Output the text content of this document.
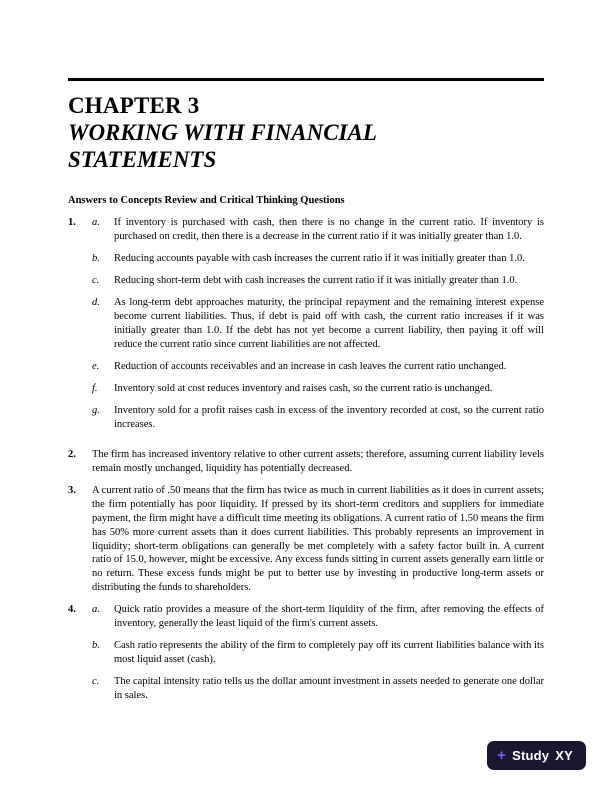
CHAPTER 3
WORKING WITH FINANCIAL STATEMENTS
Answers to Concepts Review and Critical Thinking Questions
1.	a.	If inventory is purchased with cash, then there is no change in the current ratio. If inventory is purchased on credit, then there is a decrease in the current ratio if it was initially greater than 1.0.
b.	Reducing accounts payable with cash increases the current ratio if it was initially greater than 1.0.
c.	Reducing short-term debt with cash increases the current ratio if it was initially greater than 1.0.
d.	As long-term debt approaches maturity, the principal repayment and the remaining interest expense become current liabilities. Thus, if debt is paid off with cash, the current ratio increases if it was initially greater than 1.0. If the debt has not yet become a current liability, then paying it off will reduce the current ratio since current liabilities are not affected.
e.	Reduction of accounts receivables and an increase in cash leaves the current ratio unchanged.
f.	Inventory sold at cost reduces inventory and raises cash, so the current ratio is unchanged.
g.	Inventory sold for a profit raises cash in excess of the inventory recorded at cost, so the current ratio increases.
2.	The firm has increased inventory relative to other current assets; therefore, assuming current liability levels remain mostly unchanged, liquidity has potentially decreased.
3.	A current ratio of .50 means that the firm has twice as much in current liabilities as it does in current assets; the firm potentially has poor liquidity. If pressed by its short-term creditors and suppliers for immediate payment, the firm might have a difficult time meeting its obligations. A current ratio of 1.50 means the firm has 50% more current assets than it does current liabilities. This probably represents an improvement in liquidity; short-term obligations can generally be met completely with a safety factor built in. A current ratio of 15.0, however, might be excessive. Any excess funds sitting in current assets generally earn little or no return. These excess funds might be put to better use by investing in productive long-term assets or distributing the funds to shareholders.
4.	a.	Quick ratio provides a measure of the short-term liquidity of the firm, after removing the effects of inventory, generally the least liquid of the firm's current assets.
b.	Cash ratio represents the ability of the firm to completely pay off its current liabilities balance with its most liquid asset (cash).
c.	The capital intensity ratio tells us the dollar amount investment in assets needed to generate one dollar in sales.
+ Study XY
